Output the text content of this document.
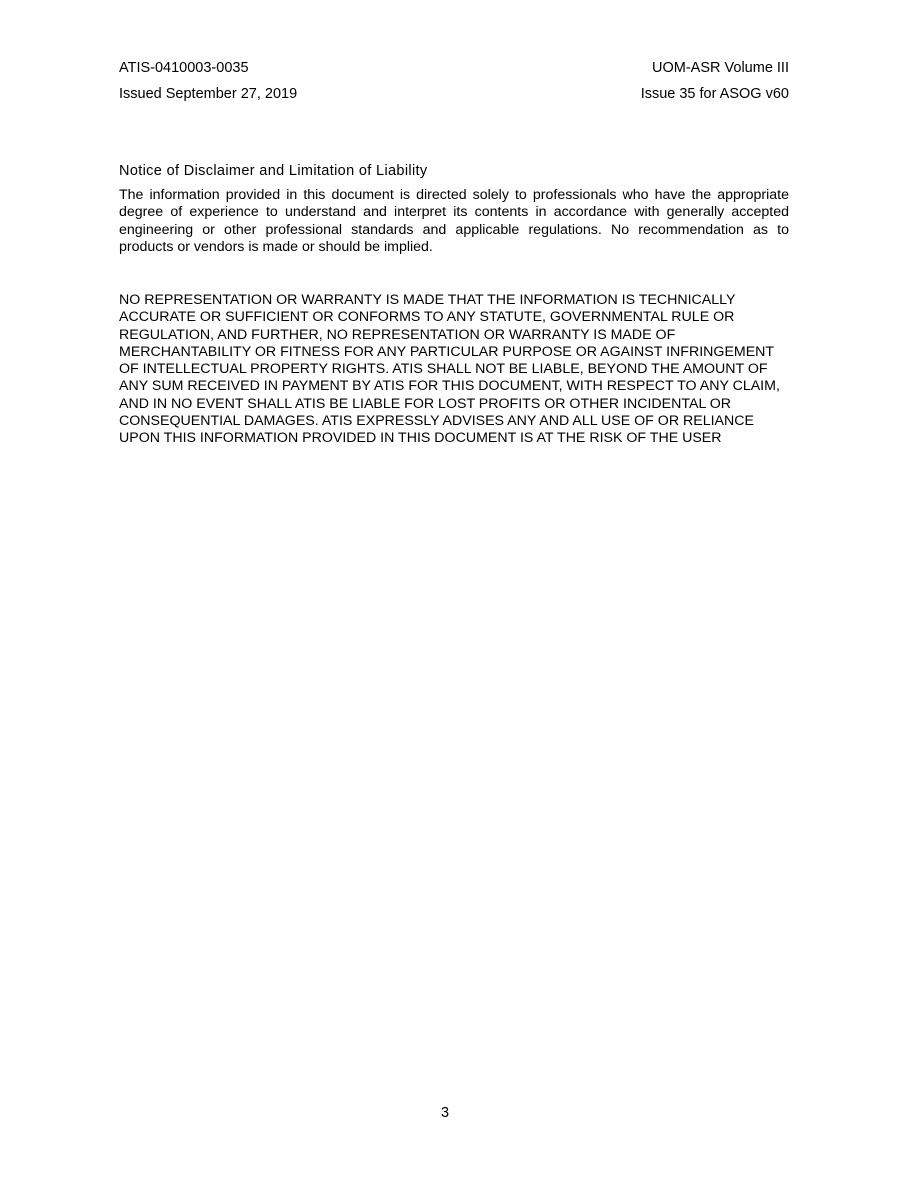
ATIS-0410003-0035
Issued September 27, 2019
UOM-ASR Volume III
Issue 35 for ASOG v60
Notice of Disclaimer and Limitation of Liability

The information provided in this document is directed solely to professionals who have the appropriate degree of experience to understand and interpret its contents in accordance with generally accepted engineering or other professional standards and applicable regulations. No recommendation as to products or vendors is made or should be implied.

NO REPRESENTATION OR WARRANTY IS MADE THAT THE INFORMATION IS TECHNICALLY ACCURATE OR SUFFICIENT OR CONFORMS TO ANY STATUTE, GOVERNMENTAL RULE OR REGULATION, AND FURTHER, NO REPRESENTATION OR WARRANTY IS MADE OF MERCHANTABILITY OR FITNESS FOR ANY PARTICULAR PURPOSE OR AGAINST INFRINGEMENT OF INTELLECTUAL PROPERTY RIGHTS. ATIS SHALL NOT BE LIABLE, BEYOND THE AMOUNT OF ANY SUM RECEIVED IN PAYMENT BY ATIS FOR THIS DOCUMENT, WITH RESPECT TO ANY CLAIM, AND IN NO EVENT SHALL ATIS BE LIABLE FOR LOST PROFITS OR OTHER INCIDENTAL OR CONSEQUENTIAL DAMAGES. ATIS EXPRESSLY ADVISES ANY AND ALL USE OF OR RELIANCE UPON THIS INFORMATION PROVIDED IN THIS DOCUMENT IS AT THE RISK OF THE USER

3
